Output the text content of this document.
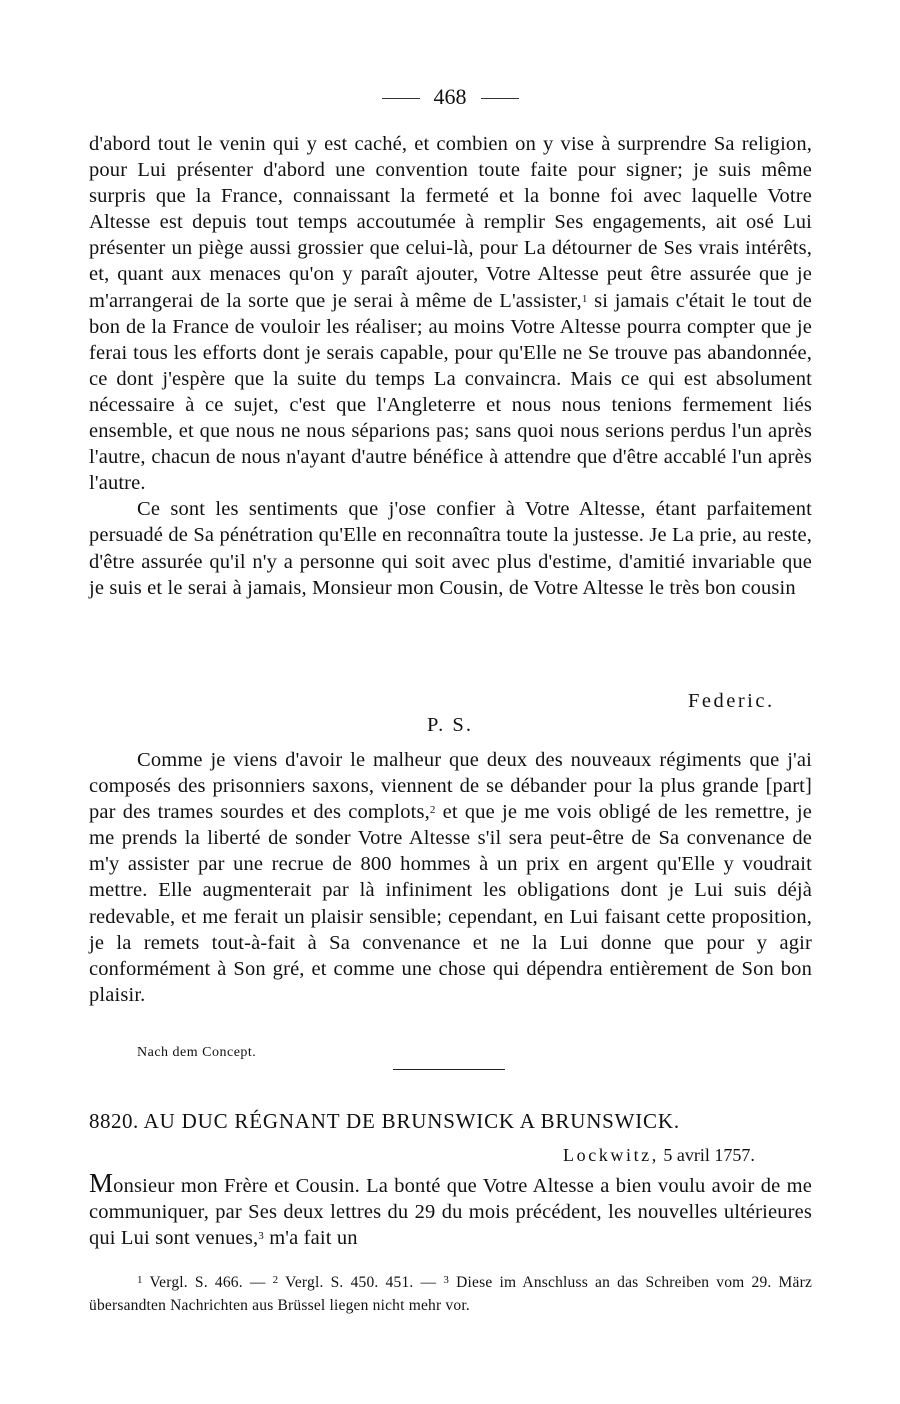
468

d'abord tout le venin qui y est caché, et combien on y vise à surprendre Sa religion, pour Lui présenter d'abord une convention toute faite pour signer; je suis même surpris que la France, connaissant la fermeté et la bonne foi avec laquelle Votre Altesse est depuis tout temps accoutumée à remplir Ses engagements, ait osé Lui présenter un piège aussi grossier que celui-là, pour La détourner de Ses vrais intérêts, et, quant aux menaces qu'on y paraît ajouter, Votre Altesse peut être assurée que je m'arrangerai de la sorte que je serai à même de L'assister,$^1$ si jamais c'était le tout de bon de la France de vouloir les réaliser; au moins Votre Altesse pourra compter que je ferai tous les efforts dont je serais capable, pour qu'Elle ne Se trouve pas abandonnée, ce dont j'espère que la suite du temps La convaincra. Mais ce qui est absolument nécessaire à ce sujet, c'est que l'Angleterre et nous nous tenions fermement liés ensemble, et que nous ne nous séparions pas; sans quoi nous serions perdus l'un après l'autre, chacun de nous n'ayant d'autre bénéfice à attendre que d'être accablé l'un après l'autre.

Ce sont les sentiments que j'ose confier à Votre Altesse, étant parfaitement persuadé de Sa pénétration qu'Elle en reconnaîtra toute la justesse. Je La prie, au reste, d'être assurée qu'il n'y a personne qui soit avec plus d'estime, d'amitié invariable que je suis et le serai à jamais, Monsieur mon Cousin, de Votre Altesse le très bon cousin

Federic.
P. S.

Comme je viens d'avoir le malheur que deux des nouveaux régiments que j'ai composés des prisonniers saxons, viennent de se débander pour la plus grande [part] par des trames sourdes et des complots,$^2$ et que je me vois obligé de les remettre, je me prends la liberté de sonder Votre Altesse s'il sera peut-être de Sa convenance de m'y assister par une recrue de 800 hommes à un prix en argent qu'Elle y voudrait mettre. Elle augmenterait par là infiniment les obligations dont je Lui suis déjà redevable, et me ferait un plaisir sensible; cependant, en Lui faisant cette proposition, je la remets tout-à-fait à Sa convenance et ne la Lui donne que pour y agir conformément à Son gré, et comme une chose qui dépendra entièrement de Son bon plaisir.

Nach dem Concept.
8820. AU DUC RÉGNANT DE BRUNSWICK A BRUNSWICK.
Lockwitz, 5 avril 1757.

Monsieur mon Frère et Cousin. La bonté que Votre Altesse a bien voulu avoir de me communiquer, par Ses deux lettres du 29 du mois précédent, les nouvelles ultérieures qui Lui sont venues,$^3$ m'a fait un

$^1$ Vergl. S. 466. — $^2$ Vergl. S. 450. 451. — $^3$ Diese im Anschluss an das Schreiben vom 29. März übersandten Nachrichten aus Brüssel liegen nicht mehr vor.
